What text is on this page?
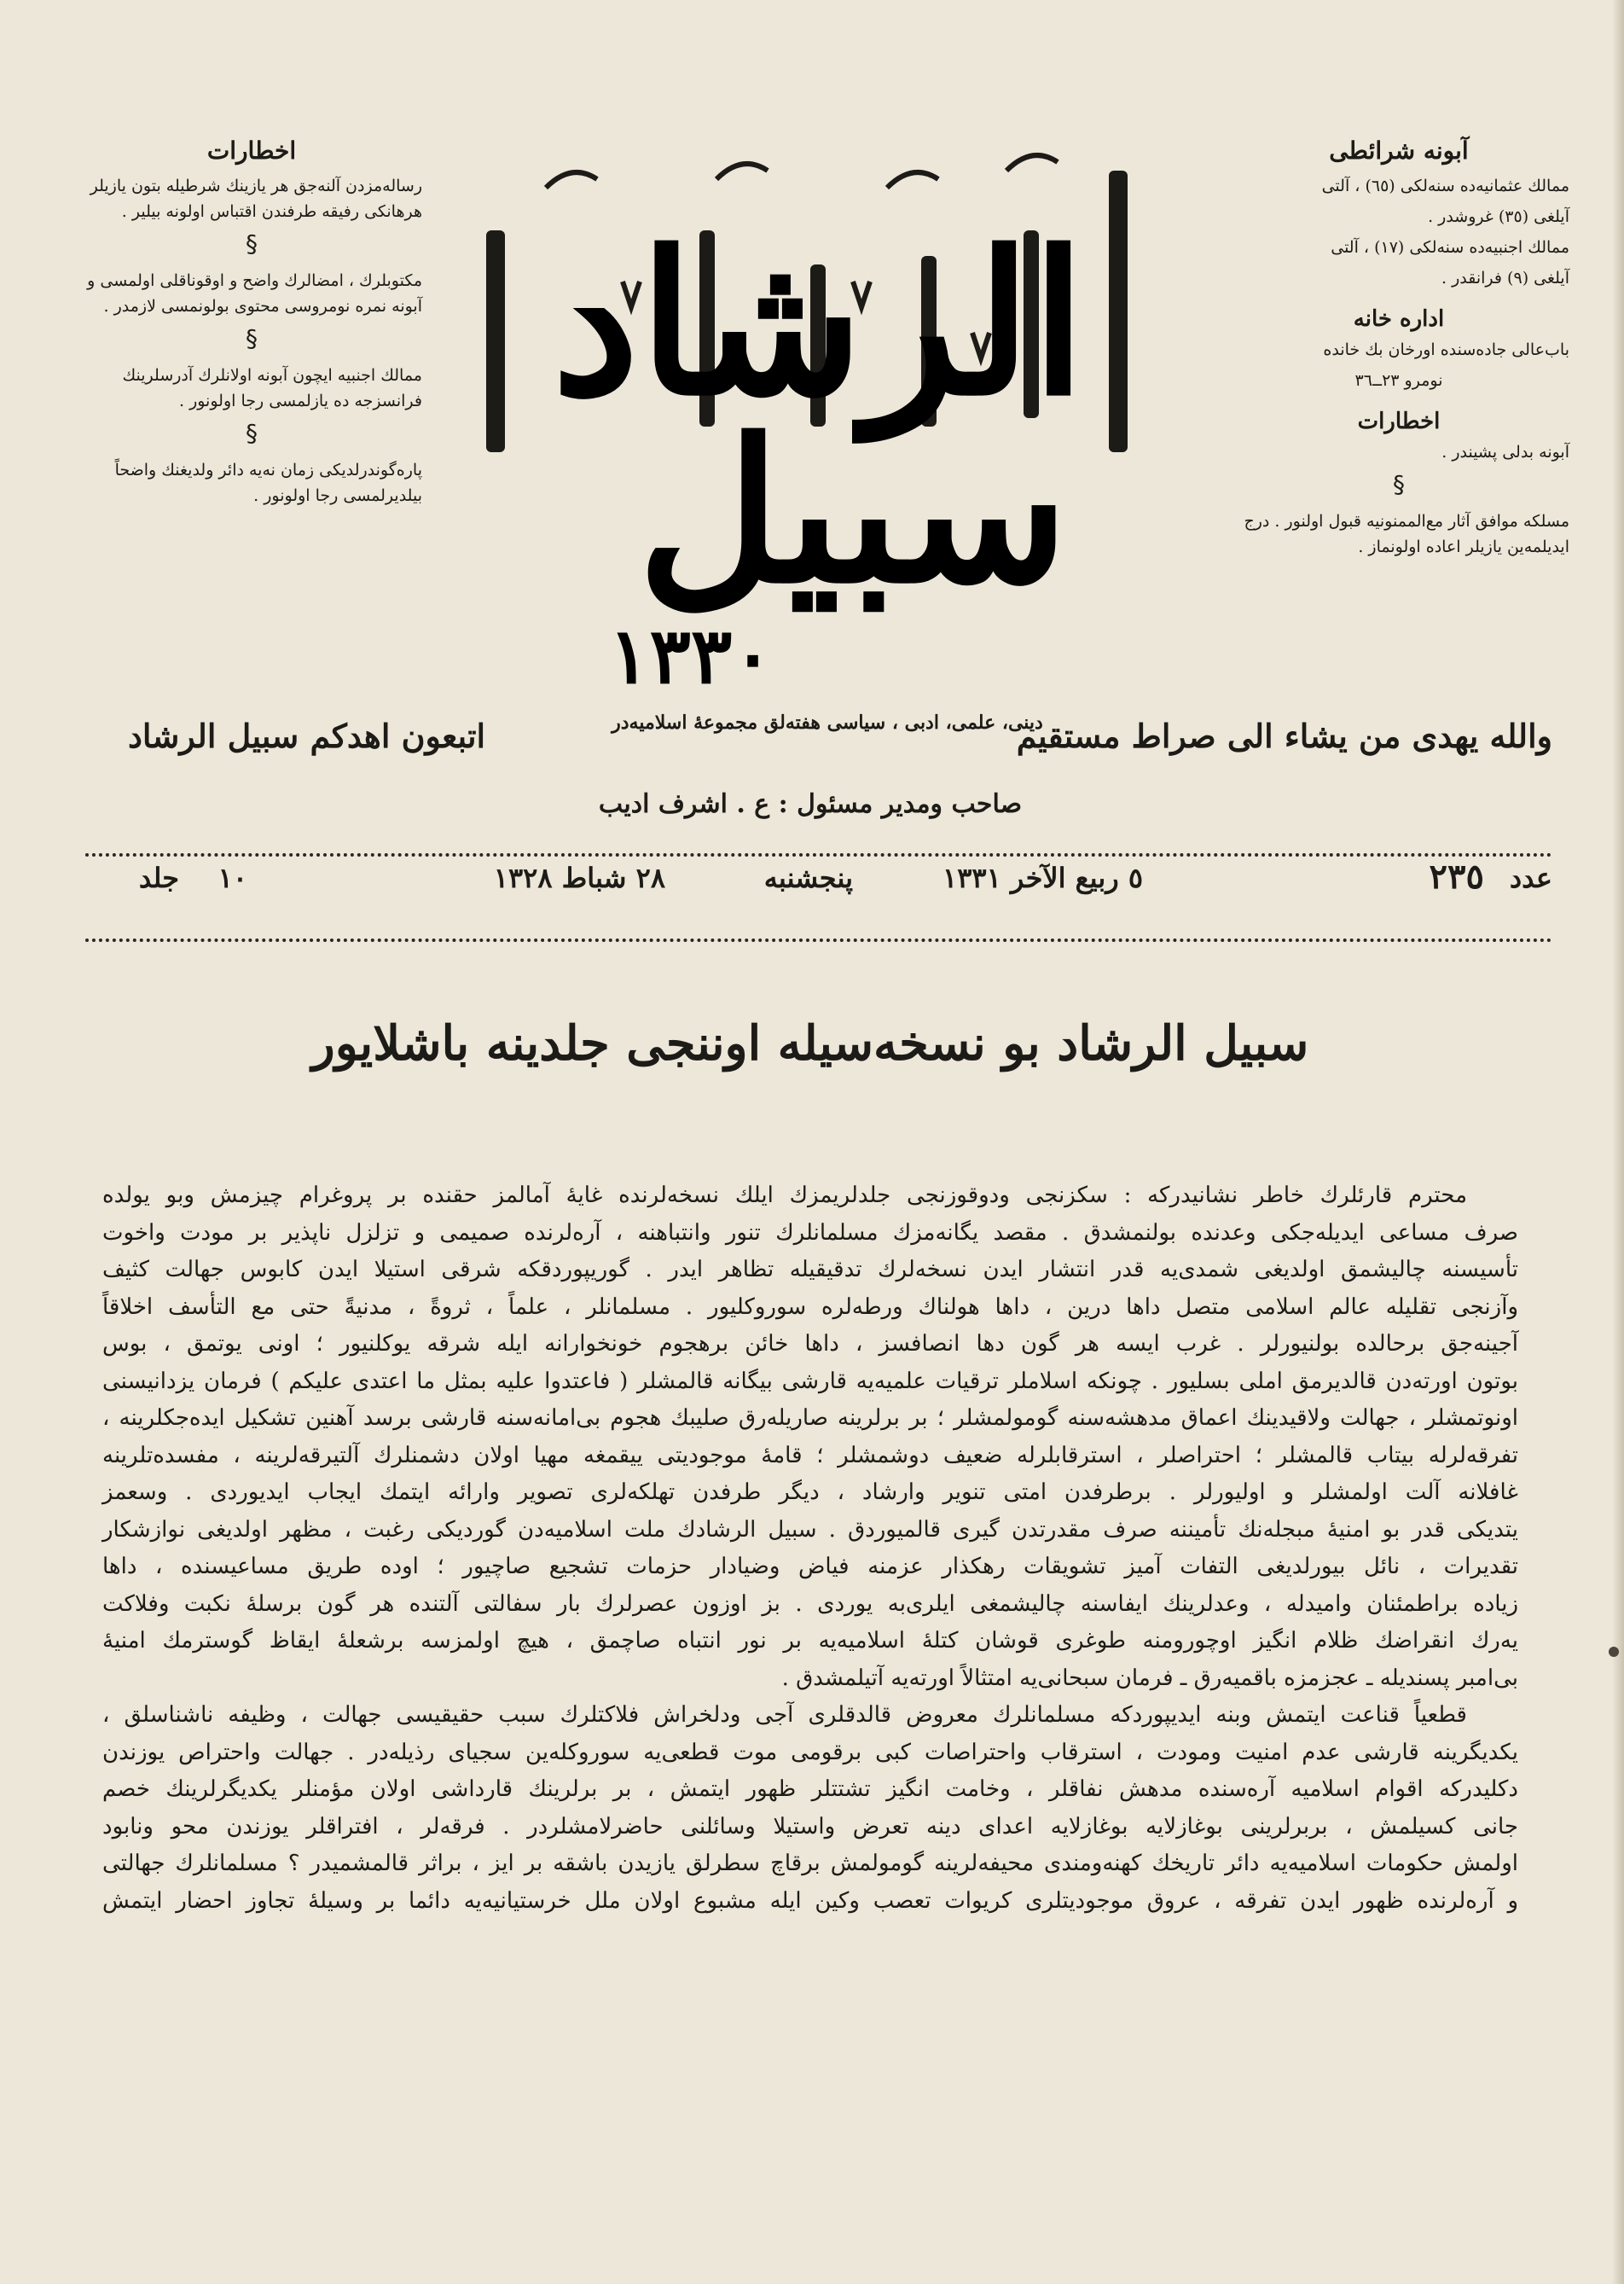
اخطارات

رساله‌مزدن آلنه‌جق هر یازینك شرطیله بتون یازیلر هرهانكی رفیقه طرفندن اقتباس اولونه بیلیر .

§

مكتوبلرك ، امضالرك واضح و اوقوناقلی اولمسی و آبونه نمره نومروسی محتوی بولونمسی لازمدر .

§

ممالك اجنبیه ایچون آبونه اولانلرك آدرسلرینك فرانسزجه ده یازلمسی رجا اولونور .

§

پاره‌گوندرلدیكی زمان نه‌یه دائر ولدیغنك واضحاً بیلدیرلمسی رجا اولونور .

آبونه شرائطی

ممالك عثمانيه‌ده سنه‌لكی (٦٥) ، آلتی

آیلغی (٣٥) غروشدر .

ممالك اجنبیه‌ده سنه‌لكی (١٧) ، آلتی

آیلغی (٩) فرانقدر .

اداره خانه

باب‌عالی جاده‌سنده اورخان بك خانده

نومرو ٢٣ــ٣٦

اخطارات

آبونه بدلی پشیندر .

§

مسلكه موافق آثار مع‌الممنونیه قبول اولنور . درج ایدیلمه‌ین یازیلر اعاده اولونماز .

الرشاد
سبيل
١٣٣٠
والله يهدى من يشاء الى صراط مستقيم
دینی، علمی، ادبی ، سیاسی هفته‌لق مجموعهٔ اسلامیه‌در
اتبعون اهدكم سبيل الرشاد
صاحب ومدیر مسئول : ع . اشرف ادیب
عدد
٢٣٥
٥ ربيع الآخر ١٣٣١
پنجشنبه
٢٨ شباط ١٣٢٨
جلد ١٠
سبیل الرشاد بو نسخه‌سیله اوننجی جلدینه باشلایور

محترم قارئلرك خاطر نشانیدركه : سكزنجی ودوقوزنجی جلدلریمزك ایلك نسخه‌لرنده غایهٔ آمالمز حقنده بر پروغرام چیزمش وبو یولده

صرف مساعی ایدیله‌جكی وعدنده بولنمشدق . مقصد یگانه‌مزك مسلمانلرك تنور وانتباهنه ، آره‌لرنده صمیمی و تزلزل ناپذیر بر مودت واخوت

تأسیسنه چالیشمق اولدیغی شمدی‌یه قدر انتشار ایدن نسخه‌لرك تدقیقیله تظاهر ایدر . گوریپوردقكه شرقی استیلا ایدن كابوس جهالت كثیف

وآزنجی تقلیله عالم اسلامی متصل داها درین ، داها هولناك ورطه‌لره سوروكلیور . مسلمانلر ، علماً ، ثروةً ، مدنیةً حتی مع التأسف اخلاقاً

آجینه‌جق برحالده بولنیورلر . غرب ایسه هر گون دها انصافسز ، داها خائن برهجوم خونخوارانه ایله شرقه یوكلنیور ؛ اونی یوتمق ، بوس

بوتون اورته‌دن قالدیرمق املی بسلیور . چونكه اسلاملر ترقیات علمیه‌یه قارشی بیگانه قالمشلر ( فاعتدوا علیه بمثل ما اعتدی علیكم ) فرمان یزدانیسنی

اونوتمشلر ، جهالت ولاقیدینك اعماق مدهشه‌سنه گومولمشلر ؛ بر برلرینه صاریله‌رق صلیبك هجوم بی‌امانه‌سنه قارشی برسد آهنین تشكیل ایده‌جكلرینه ،

تفرقه‌لرله بیتاب قالمشلر ؛ احتراصلر ، استرقابلرله ضعیف دوشمشلر ؛ قامهٔ موجودیتی ییقمغه مهیا اولان دشمنلرك آلتیرقه‌لرینه ، مفسده‌تلرینه

غافلانه آلت اولمشلر و اولیورلر . برطرفدن امتی تنویر وارشاد ، دیگر طرفدن تهلكه‌لری تصویر وارائه ایتمك ایجاب ایدیوردی . وسعمز

یتدیكی قدر بو امنیهٔ مبجله‌نك تأمیننه صرف مقدرتدن گیری قالمیوردق . سبیل الرشادك ملت اسلامیه‌دن گوردیكی رغبت ، مظهر اولدیغی نوازشكار

تقدیرات ، نائل بیورلدیغی التفات آمیز تشویقات رهكذار عزمنه فیاض وضیادار حزمات تشجیع صاچیور ؛ اوده طریق مساعیسنده ، داها

زیاده براطمئنان وامیدله ، وعدلرینك ایفاسنه چالیشمغی ایلری‌به یوردی . بز اوزون عصرلرك بار سفالتی آلتنده هر گون برسلهٔ نكبت وفلاكت

یه‌رك انقراضك ظلام انگیز اوچورومنه طوغری قوشان كتلهٔ اسلامیه‌یه بر نور انتباه صاچمق ، هیچ اولمزسه برشعلهٔ ایقاظ گوسترمك امنیهٔ

بی‌امبر پسندیله ـ عجزمزه باقمیه‌رق ـ فرمان سبحانی‌یه امتثالاً اورته‌یه آتیلمشدق .

قطعیاً قناعت ایتمش وبنه ایدیپوردكه مسلمانلرك معروض قالدقلری آجی ودلخراش فلاكتلرك سبب حقیقیسی جهالت ، وظیفه ناشناسلق ،

یكدیگرینه قارشی عدم امنیت ومودت ، استرقاب واحتراصات كبی برقومی موت قطعی‌یه سوروكله‌ین سجیای رذیله‌در . جهالت واحتراص یوزندن

دكلیدركه اقوام اسلامیه آره‌سنده مدهش نفاقلر ، وخامت انگیز تشتتلر ظهور ایتمش ، بر برلرینك قارداشی اولان مؤمنلر یكدیگرلرینك خصم

جانی كسیلمش ، بربرلرینی بوغازلایه بوغازلایه اعدای دینه تعرض واستیلا وسائلنی حاضرلامشلردر . فرقه‌لر ، افتراقلر یوزندن محو ونابود

اولمش حكومات اسلامیه‌یه دائر تاریخك كهنه‌ومندی محیفه‌لرینه گومولمش برقاچ سطرلق یازیدن باشقه بر ایز ، براثر قالمشمیدر ؟ مسلمانلرك جهالتی

و آره‌لرنده ظهور ایدن تفرقه ، عروق موجودیتلری كریوات تعصب وكین ایله مشبوع اولان ملل خرستیانیه‌یه دائما بر وسیلهٔ تجاوز احضار ایتمش
